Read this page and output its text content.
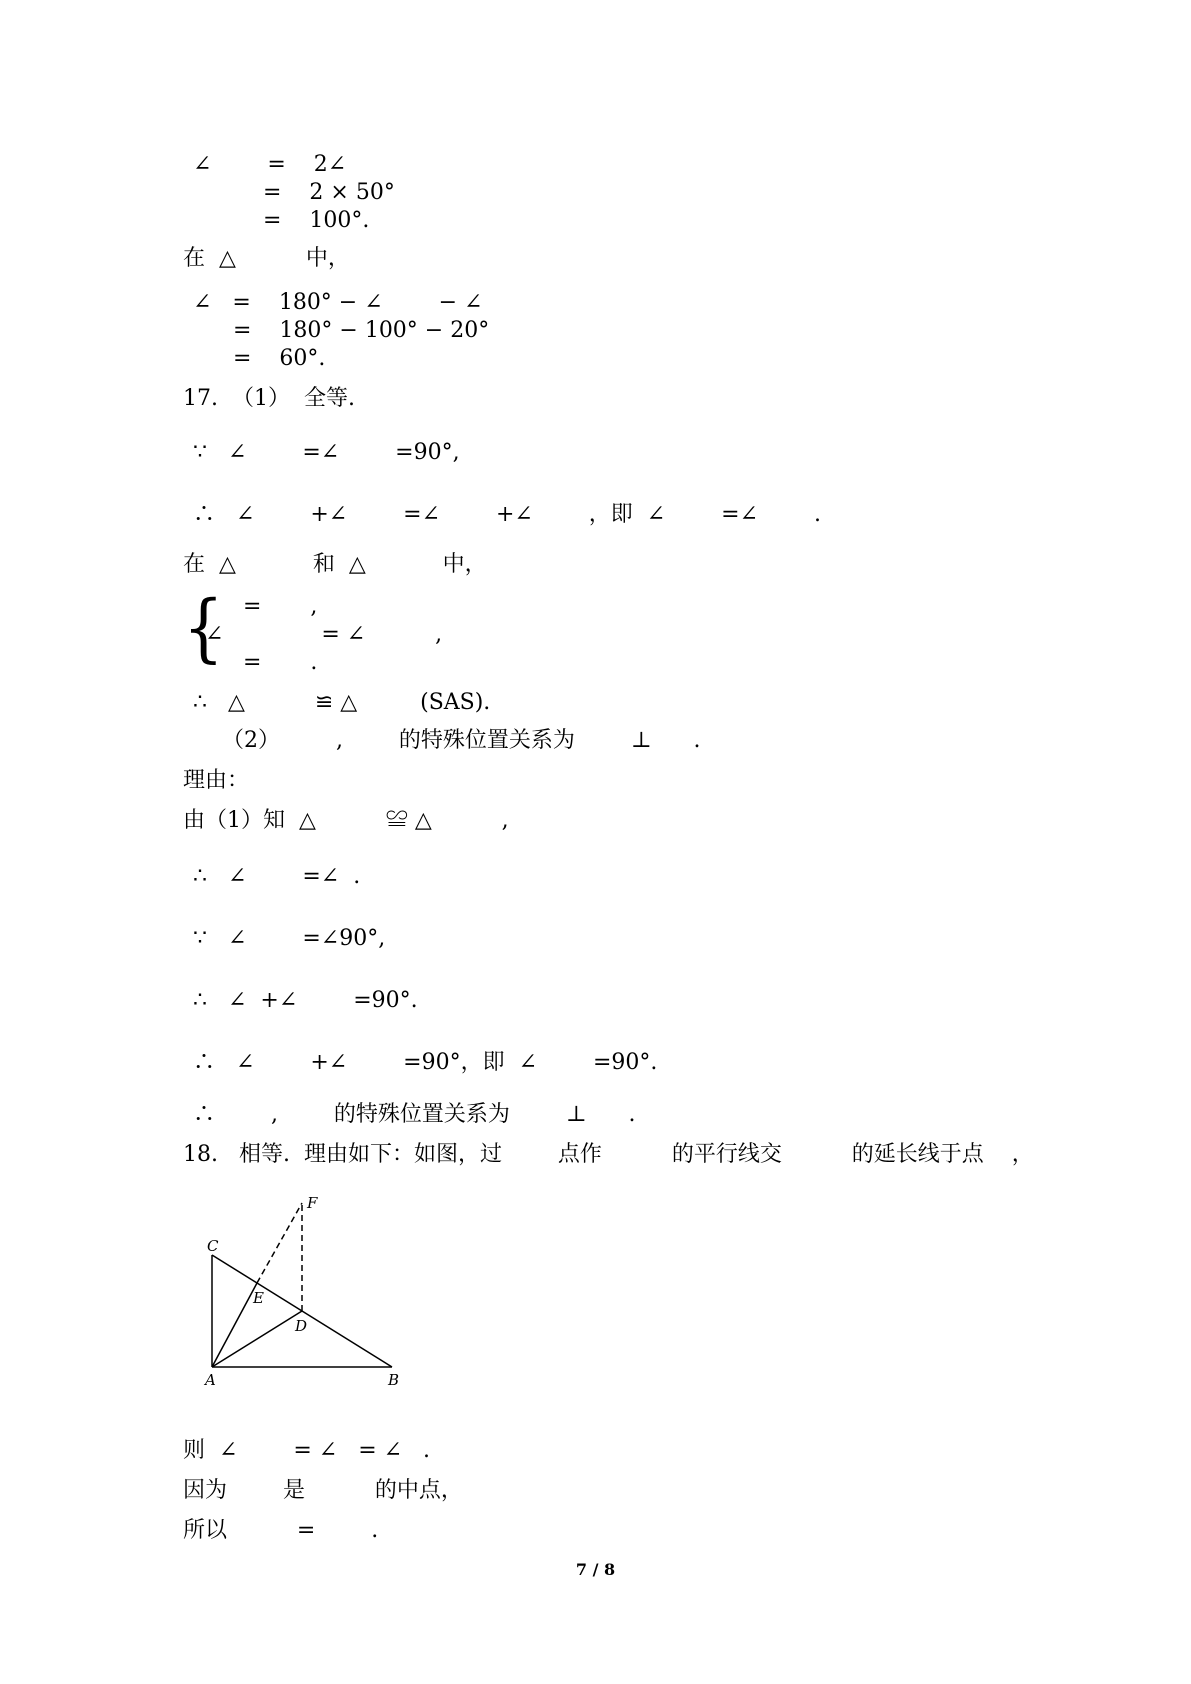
∠        =    2∠
=    2 × 50°
=    100°.
在  △          中，
∠   =    180° − ∠        − ∠
=    180° − 100° − 20°
=    60°.
17.  （1）  全等.
∵   ∠        =∠        =90°,
∴   ∠        +∠        =∠        +∠        ，即  ∠        =∠        .
在  △           和  △           中，
{ =       ,
∠              = ∠          ,
=       .
∴   △          ≌ △         (SAS).
（2）        ,        的特殊位置关系为        ⊥      .
理由：
由（1）知  △          ≌ △          ,
∴   ∠        =∠  .
∵   ∠        =∠90°,
∴   ∠  +∠        =90°.
∴   ∠        +∠        =90°，即  ∠        =90°.
∴        ,        的特殊位置关系为        ⊥      .
18.   相等.  理由如下：如图，过        点作          的平行线交          的延长线于点    ，
F
C
E
D
A	B
则  ∠        = ∠   = ∠   .
因为        是          的中点，
所以          =        .
7 / 8
